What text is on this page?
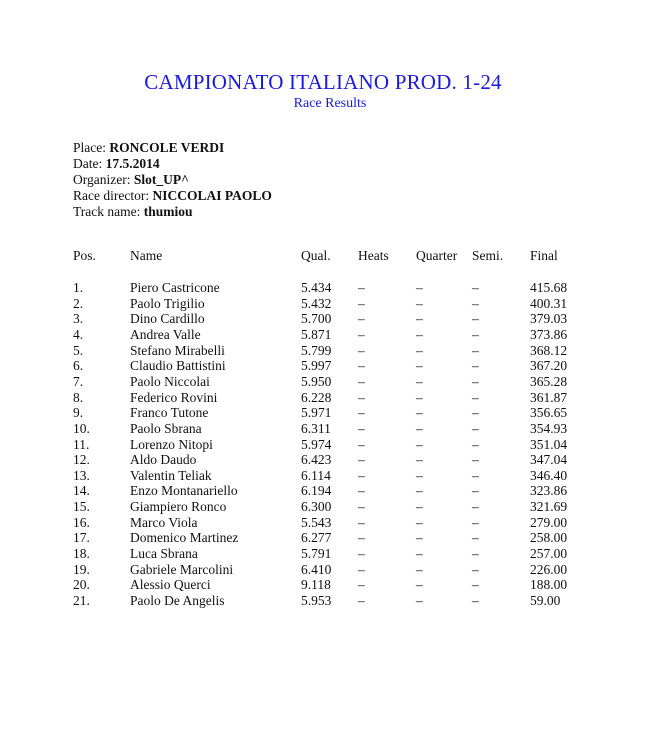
CAMPIONATO ITALIANO PROD. 1-24
Race Results
Place: RONCOLE VERDI
Date: 17.5.2014
Organizer: Slot_UP^
Race director: NICCOLAI PAOLO
Track name: thumiou
Pos.	Name	Qual. Heats Quarter Semi. Final
1.	Piero Castricone	5.434 –	–	–	415.68
2.	Paolo Trigilio	5.432 –	–	–	400.31
3.	Dino Cardillo	5.700 –	–	–	379.03
4.	Andrea Valle	5.871 –	–	–	373.86
5.	Stefano Mirabelli	5.799 –	–	–	368.12
6.	Claudio Battistini	5.997 –	–	–	367.20
7.	Paolo Niccolai	5.950 –	–	–	365.28
8.	Federico Rovini	6.228 –	–	–	361.87
9.	Franco Tutone	5.971 –	–	–	356.65
10.	Paolo Sbrana	6.311 –	–	–	354.93
11.	Lorenzo Nitopi	5.974 –	–	–	351.04
12.	Aldo Daudo	6.423 –	–	–	347.04
13.	Valentin Teliak	6.114 –	–	–	346.40
14.	Enzo Montanariello	6.194 –	–	–	323.86
15.	Giampiero Ronco	6.300 –	–	–	321.69
16.	Marco Viola	5.543 –	–	–	279.00
17.	Domenico Martinez	6.277 –	–	–	258.00
18.	Luca Sbrana	5.791 –	–	–	257.00
19.	Gabriele Marcolini	6.410 –	–	–	226.00
20.	Alessio Querci	9.118 –	–	–	188.00
21.	Paolo De Angelis	5.953 –	–	–	59.00
